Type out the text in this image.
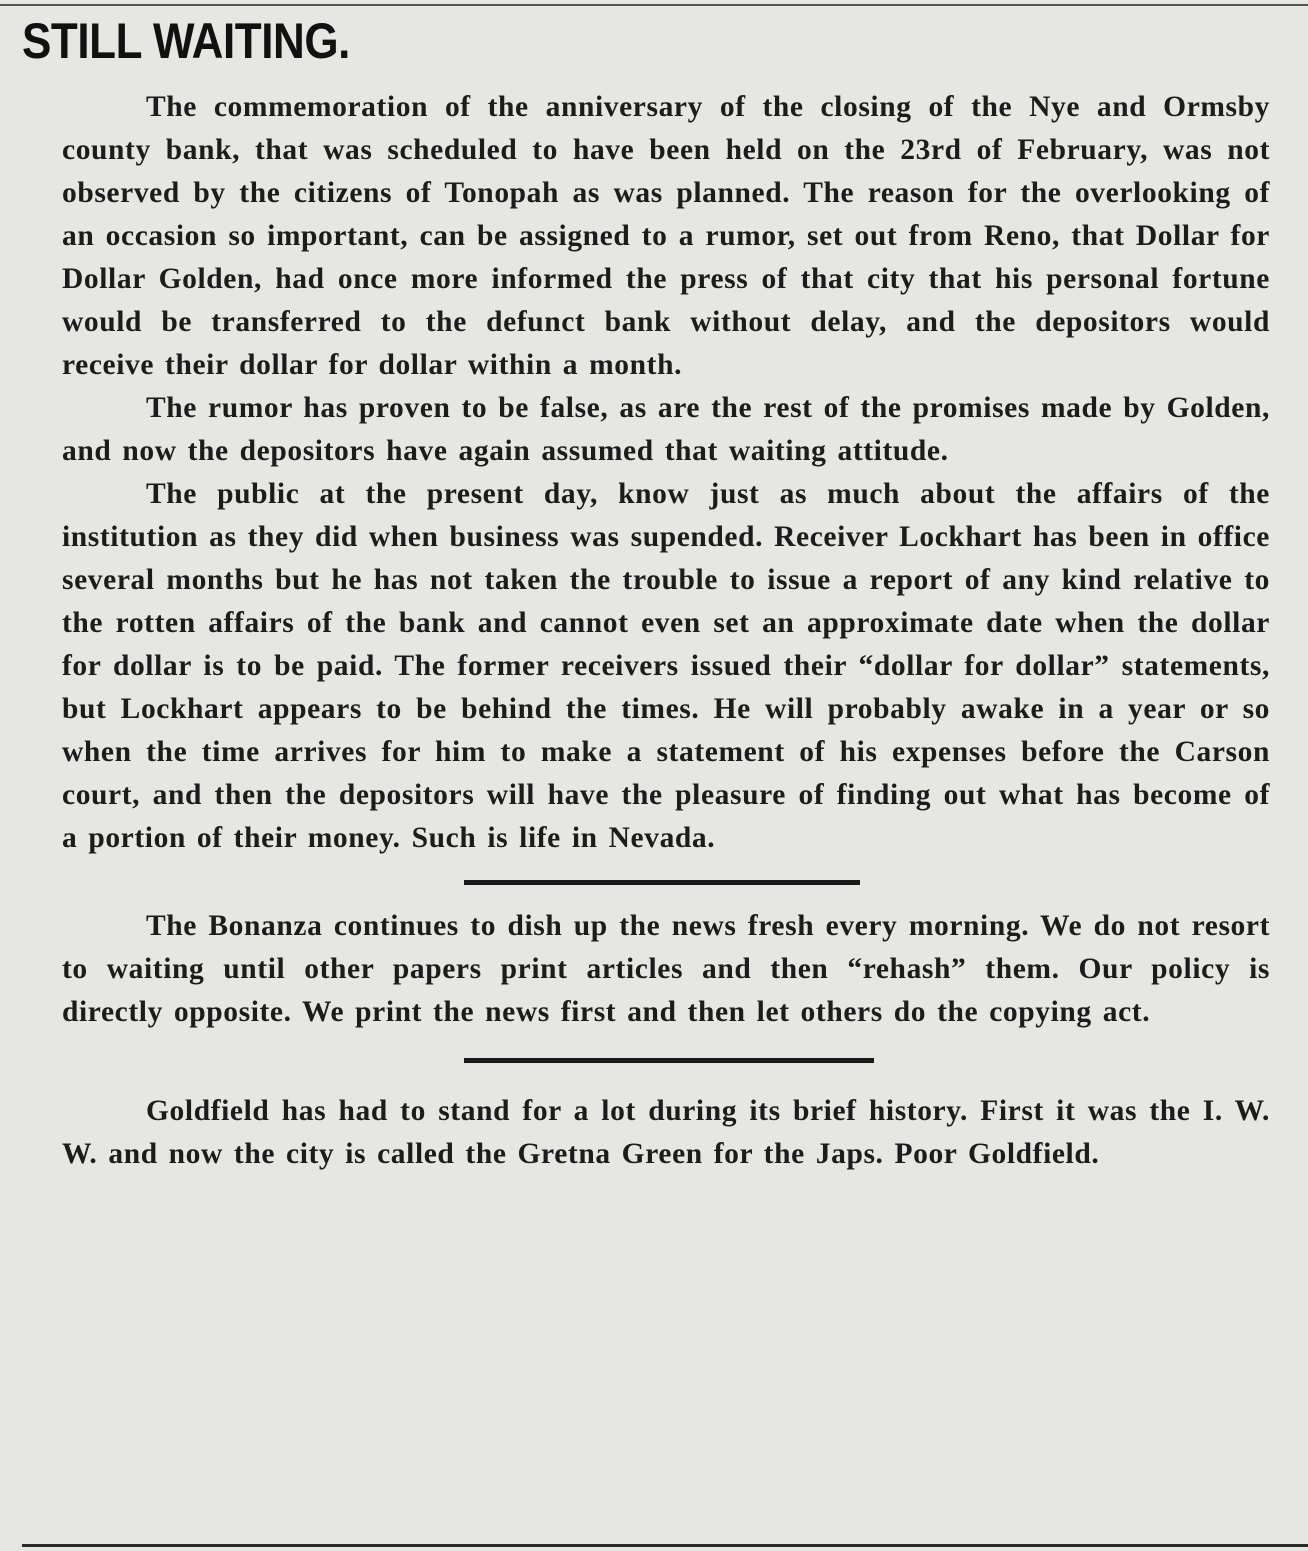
STILL WAITING.

The commemoration of the anniversary of the closing of the Nye and Ormsby county bank, that was scheduled to have been held on the 23rd of February, was not observed by the citizens of Tonopah as was planned. The reason for the overlooking of an occasion so important, can be assigned to a rumor, set out from Reno, that Dollar for Dollar Golden, had once more informed the press of that city that his personal fortune would be transferred to the defunct bank without delay, and the depositors would receive their dollar for dollar within a month.

The rumor has proven to be false, as are the rest of the promises made by Golden, and now the depositors have again assumed that waiting attitude.

The public at the present day, know just as much about the affairs of the institution as they did when business was supended. Receiver Lockhart has been in office several months but he has not taken the trouble to issue a report of any kind relative to the rotten affairs of the bank and cannot even set an approximate date when the dollar for dollar is to be paid. The former receivers issued their “dollar for dollar” statements, but Lockhart appears to be behind the times. He will probably awake in a year or so when the time arrives for him to make a statement of his expenses before the Carson court, and then the depositors will have the pleasure of finding out what has become of a portion of their money. Such is life in Nevada.

The Bonanza continues to dish up the news fresh every morning. We do not resort to waiting until other papers print articles and then “rehash” them. Our policy is directly opposite. We print the news first and then let others do the copying act.

Goldfield has had to stand for a lot during its brief history. First it was the I. W. W. and now the city is called the Gretna Green for the Japs. Poor Goldfield.
